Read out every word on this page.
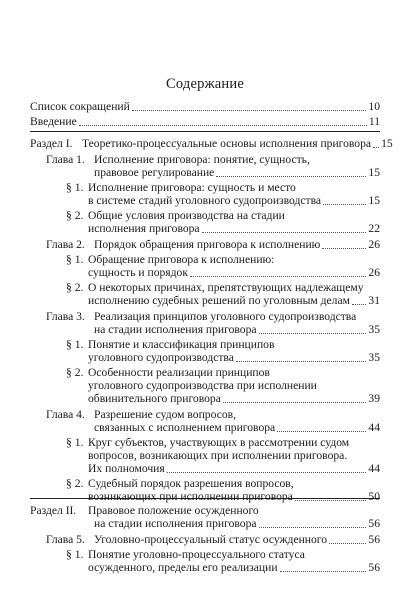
Содержание
Список сокращений	10
Введение	11
Раздел I. Теоретико-процессуальные основы исполнения приговора 15
Глава 1. Исполнение приговора: понятие, сущность,
правовое регулирование	15
§ 1. Исполнение приговора: сущность и место
в системе стадий уголовного судопроизводства	15
§ 2. Общие условия производства на стадии
исполнения приговора	22
Глава 2. Порядок обращения приговора к исполнению	26
§ 1. Обращение приговора к исполнению:
сущность и порядок	26
§ 2. О некоторых причинах, препятствующих надлежащему
исполнению судебных решений по уголовным делам 31
Глава 3. Реализация принципов уголовного судопроизводства
на стадии исполнения приговора	35
§ 1. Понятие и классификация принципов
уголовного судопроизводства	35
§ 2. Особенности реализации принципов
уголовного судопроизводства при исполнении
обвинительного приговора	39
Глава 4. Разрешение судом вопросов,
связанных с исполнением приговора	44
§ 1. Круг субъектов, участвующих в рассмотрении судом
вопросов, возникающих при исполнении приговора.
Их полномочия	44
§ 2. Судебный порядок разрешения вопросов,
возникающих при исполнении приговора	50
Раздел II.	Правовое положение осужденного
на стадии исполнения приговора	56
Глава 5. Уголовно-процессуальный статус осужденного	56
§ 1. Понятие уголовно-процессуального статуса
осужденного, пределы его реализации	56
